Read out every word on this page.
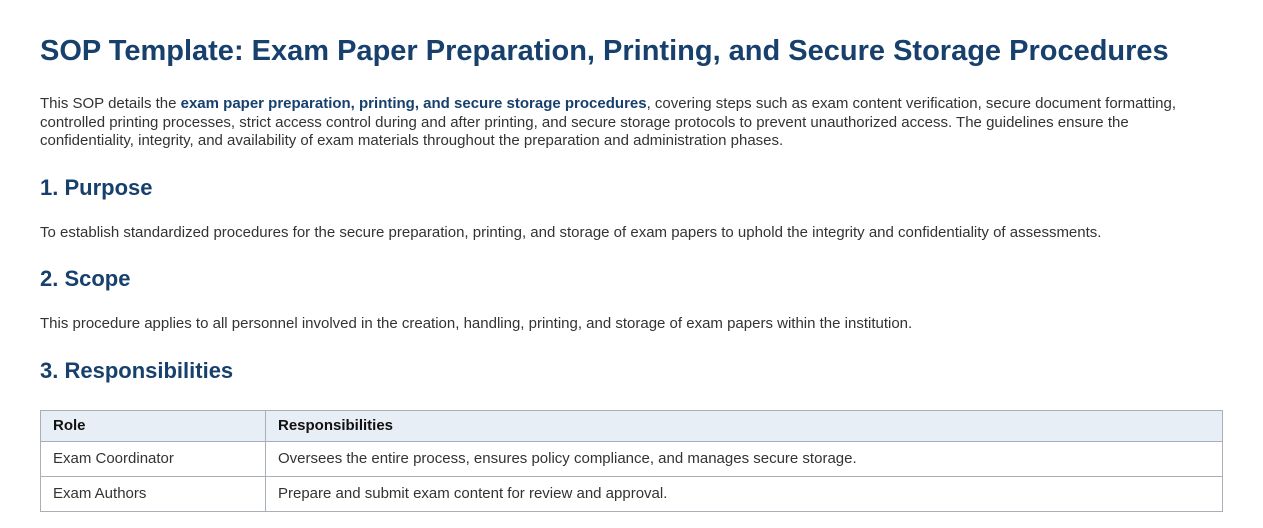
SOP Template: Exam Paper Preparation, Printing, and Secure Storage Procedures

This SOP details the exam paper preparation, printing, and secure storage procedures, covering steps such as exam content verification, secure document formatting, controlled printing processes, strict access control during and after printing, and secure storage protocols to prevent unauthorized access. The guidelines ensure the confidentiality, integrity, and availability of exam materials throughout the preparation and administration phases.

1. Purpose

To establish standardized procedures for the secure preparation, printing, and storage of exam papers to uphold the integrity and confidentiality of assessments.

2. Scope

This procedure applies to all personnel involved in the creation, handling, printing, and storage of exam papers within the institution.

3. Responsibilities
Role	Responsibilities
Exam Coordinator	Oversees the entire process, ensures policy compliance, and manages secure storage.
Exam Authors	Prepare and submit exam content for review and approval.
